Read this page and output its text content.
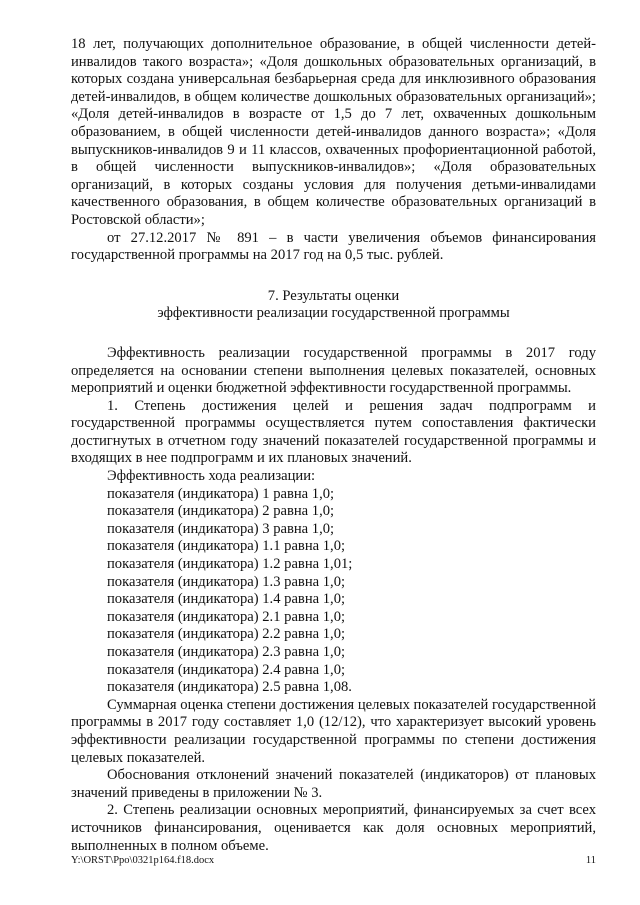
18 лет, получающих дополнительное образование, в общей численности детей-инвалидов такого возраста»; «Доля дошкольных образовательных организаций, в которых создана универсальная безбарьерная среда для инклюзивного образования детей-инвалидов, в общем количестве дошкольных образовательных организаций»; «Доля детей-инвалидов в возрасте от 1,5 до 7 лет, охваченных дошкольным образованием, в общей численности детей-инвалидов данного возраста»; «Доля выпускников-инвалидов 9 и 11 классов, охваченных профориентационной работой, в общей численности выпускников-инвалидов»; «Доля образовательных организаций, в которых созданы условия для получения детьми-инвалидами качественного образования, в общем количестве образовательных организаций в Ростовской области»;

от 27.12.2017 № 891 – в части увеличения объемов финансирования государственной программы на 2017 год на 0,5 тыс. рублей.

7. Результаты оценки

эффективности реализации государственной программы

Эффективность реализации государственной программы в 2017 году определяется на основании степени выполнения целевых показателей, основных мероприятий и оценки бюджетной эффективности государственной программы.

1. Степень достижения целей и решения задач подпрограмм и государственной программы осуществляется путем сопоставления фактически достигнутых в отчетном году значений показателей государственной программы и входящих в нее подпрограмм и их плановых значений.

Эффективность хода реализации:

показателя (индикатора) 1 равна 1,0;
показателя (индикатора) 2 равна 1,0;
показателя (индикатора) 3 равна 1,0;
показателя (индикатора) 1.1 равна 1,0;
показателя (индикатора) 1.2 равна 1,01;
показателя (индикатора) 1.3 равна 1,0;
показателя (индикатора) 1.4 равна 1,0;
показателя (индикатора) 2.1 равна 1,0;
показателя (индикатора) 2.2 равна 1,0;
показателя (индикатора) 2.3 равна 1,0;
показателя (индикатора) 2.4 равна 1,0;
показателя (индикатора) 2.5 равна 1,08.

Суммарная оценка степени достижения целевых показателей государственной программы в 2017 году составляет 1,0 (12/12), что характеризует высокий уровень эффективности реализации государственной программы по степени достижения целевых показателей.

Обоснования отклонений значений показателей (индикаторов) от плановых значений приведены в приложении № 3.

2. Степень реализации основных мероприятий, финансируемых за счет всех источников финансирования, оценивается как доля основных мероприятий, выполненных в полном объеме.

Y:\ORST\Ppo\0321p164.f18.docx	11
